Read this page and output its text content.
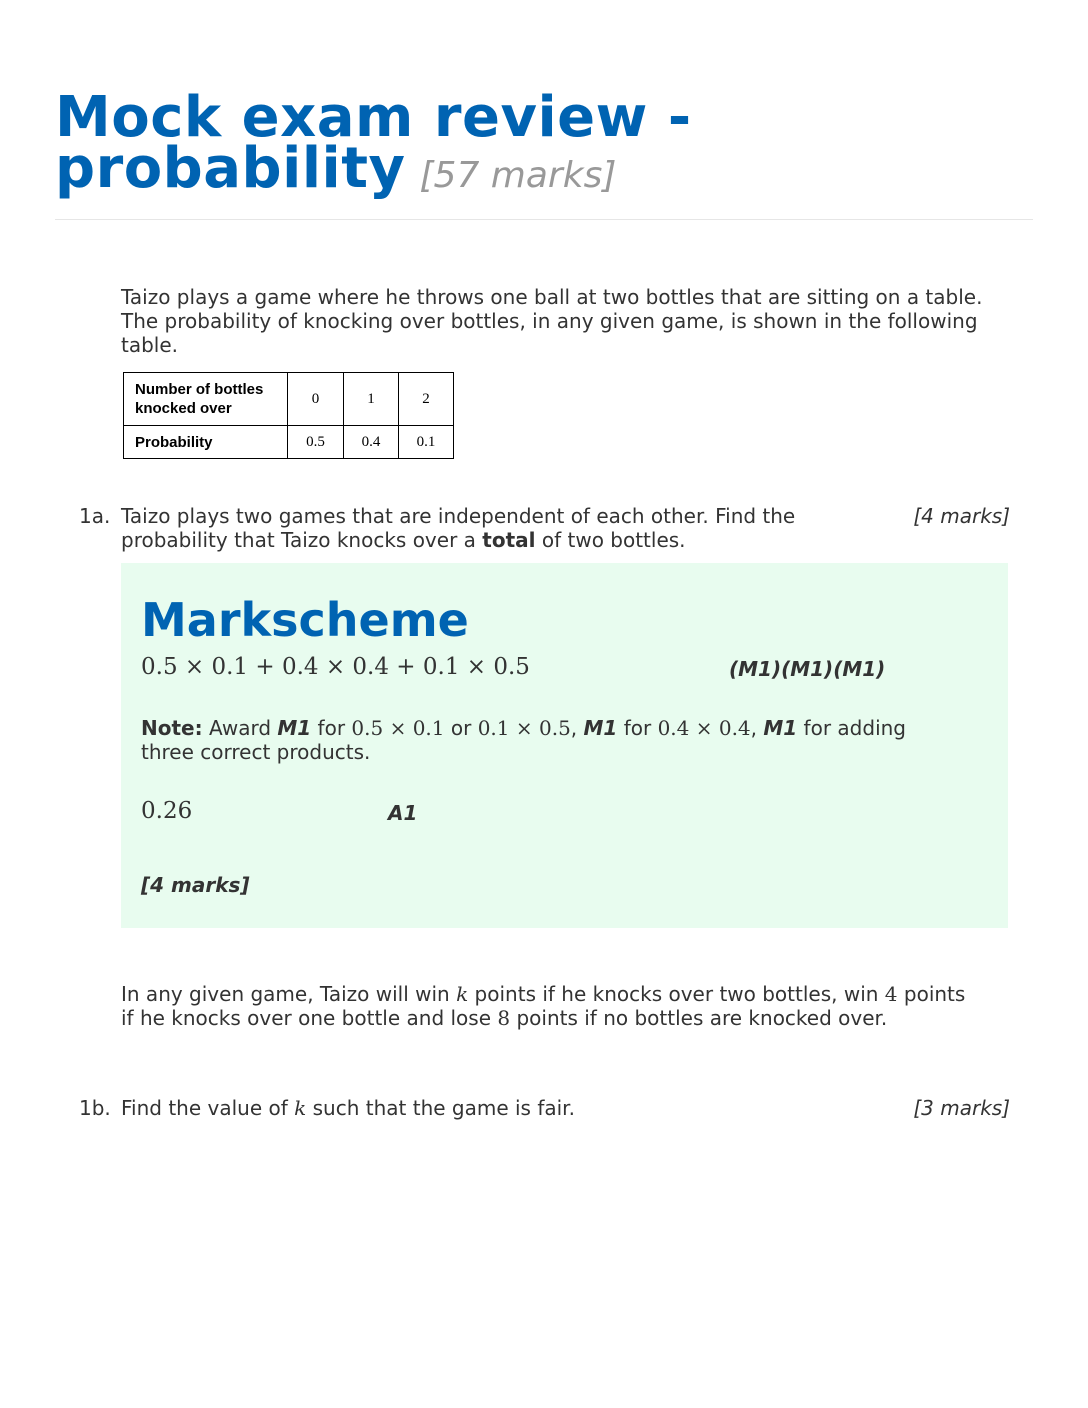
Mock exam review -
probability [57 marks]

Taizo plays a game where he throws one ball at two bottles that are sitting on a table. The probability of knocking over bottles, in any given game, is shown in the following table.

Number of bottles
knocked over	0	1	2
Probability	0.5	0.4	0.1
1a.	[4 marks]

Taizo plays two games that are independent of each other. Find the probability that Taizo knocks over a total of two bottles.

Markscheme
0.5 × 0.1 + 0.4 × 0.4 + 0.1 × 0.5	(M1)(M1)(M1)
Note: Award M1 for 0.5 × 0.1 or 0.1 × 0.5, M1 for 0.4 × 0.4, M1 for adding three correct products.
0.26	A1
[4 marks]

In any given game, Taizo will win k points if he knocks over two bottles, win 4 points if he knocks over one bottle and lose 8 points if no bottles are knocked over.

1b.	[3 marks]

Find the value of k such that the game is fair.
